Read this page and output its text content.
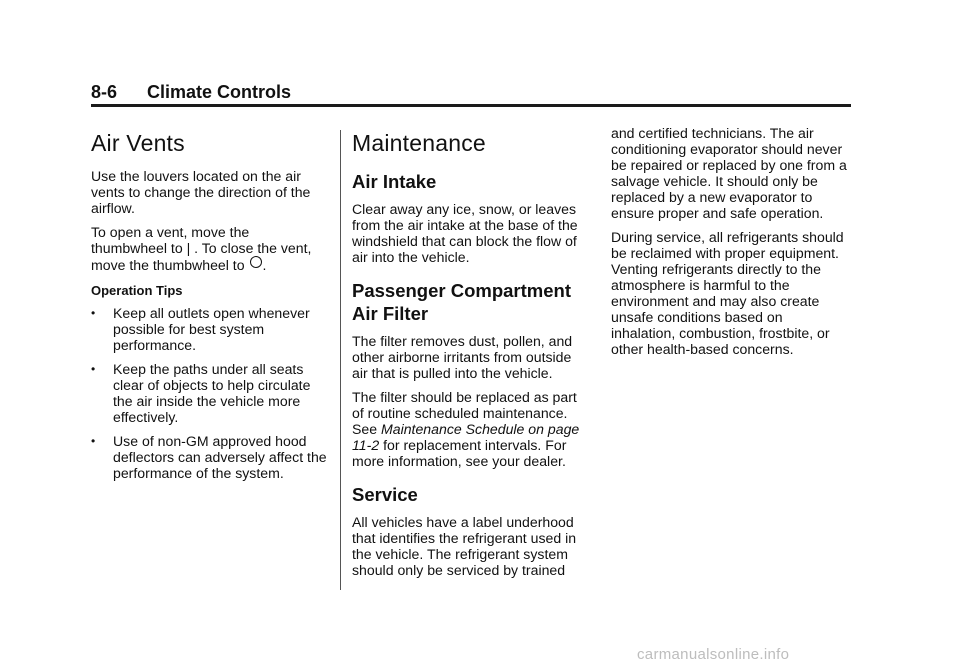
8-6 Climate Controls
Air Vents

Use the louvers located on the air vents to change the direction of the airflow.

To open a vent, move the thumbwheel to | . To close the vent, move the thumbwheel to .

Operation Tips
• Keep all outlets open whenever possible for best system performance.
• Keep the paths under all seats clear of objects to help circulate the air inside the vehicle more effectively.
• Use of non-GM approved hood deflectors can adversely affect the performance of the system.
Maintenance
Air Intake

Clear away any ice, snow, or leaves from the air intake at the base of the windshield that can block the flow of air into the vehicle.

Passenger Compartment Air Filter

The filter removes dust, pollen, and other airborne irritants from outside air that is pulled into the vehicle.

The filter should be replaced as part of routine scheduled maintenance. See Maintenance Schedule on page 11-2 for replacement intervals. For more information, see your dealer.

Service

All vehicles have a label underhood that identifies the refrigerant used in the vehicle. The refrigerant system should only be serviced by trained

and certified technicians. The air conditioning evaporator should never be repaired or replaced by one from a salvage vehicle. It should only be replaced by a new evaporator to ensure proper and safe operation.

During service, all refrigerants should be reclaimed with proper equipment. Venting refrigerants directly to the atmosphere is harmful to the environment and may also create unsafe conditions based on inhalation, combustion, frostbite, or other health-based concerns.

carmanualsonline.info
